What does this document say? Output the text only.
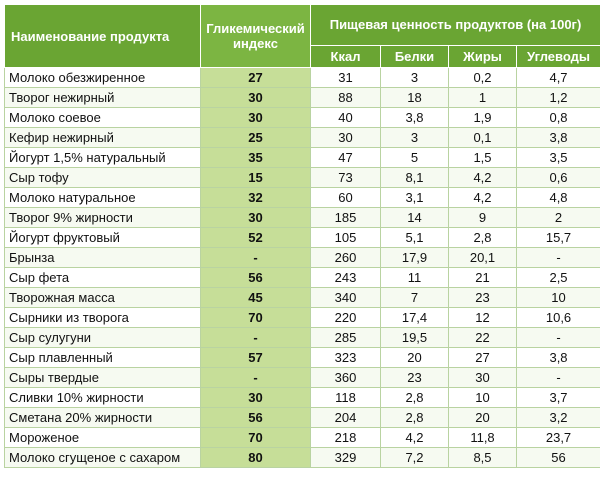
Наименование продукта	Гликемический индекс	Пищевая ценность продуктов (на 100г)			
		Ккал	Белки	Жиры	Углеводы
Молоко обезжиренное	27	31	3	0,2	4,7
Творог нежирный	30	88	18	1	1,2
Молоко соевое	30	40	3,8	1,9	0,8
Кефир нежирный	25	30	3	0,1	3,8
Йогурт 1,5% натуральный	35	47	5	1,5	3,5
Сыр тофу	15	73	8,1	4,2	0,6
Молоко натуральное	32	60	3,1	4,2	4,8
Творог 9% жирности	30	185	14	9	2
Йогурт фруктовый	52	105	5,1	2,8	15,7
Брынза	-	260	17,9	20,1	-
Сыр фета	56	243	11	21	2,5
Творожная масса	45	340	7	23	10
Сырники из творога	70	220	17,4	12	10,6
Сыр сулугуни	-	285	19,5	22	-
Сыр плавленный	57	323	20	27	3,8
Сыры твердые	-	360	23	30	-
Сливки 10% жирности	30	118	2,8	10	3,7
Сметана 20% жирности	56	204	2,8	20	3,2
Мороженое	70	218	4,2	11,8	23,7
Молоко сгущеное с сахаром	80	329	7,2	8,5	56
